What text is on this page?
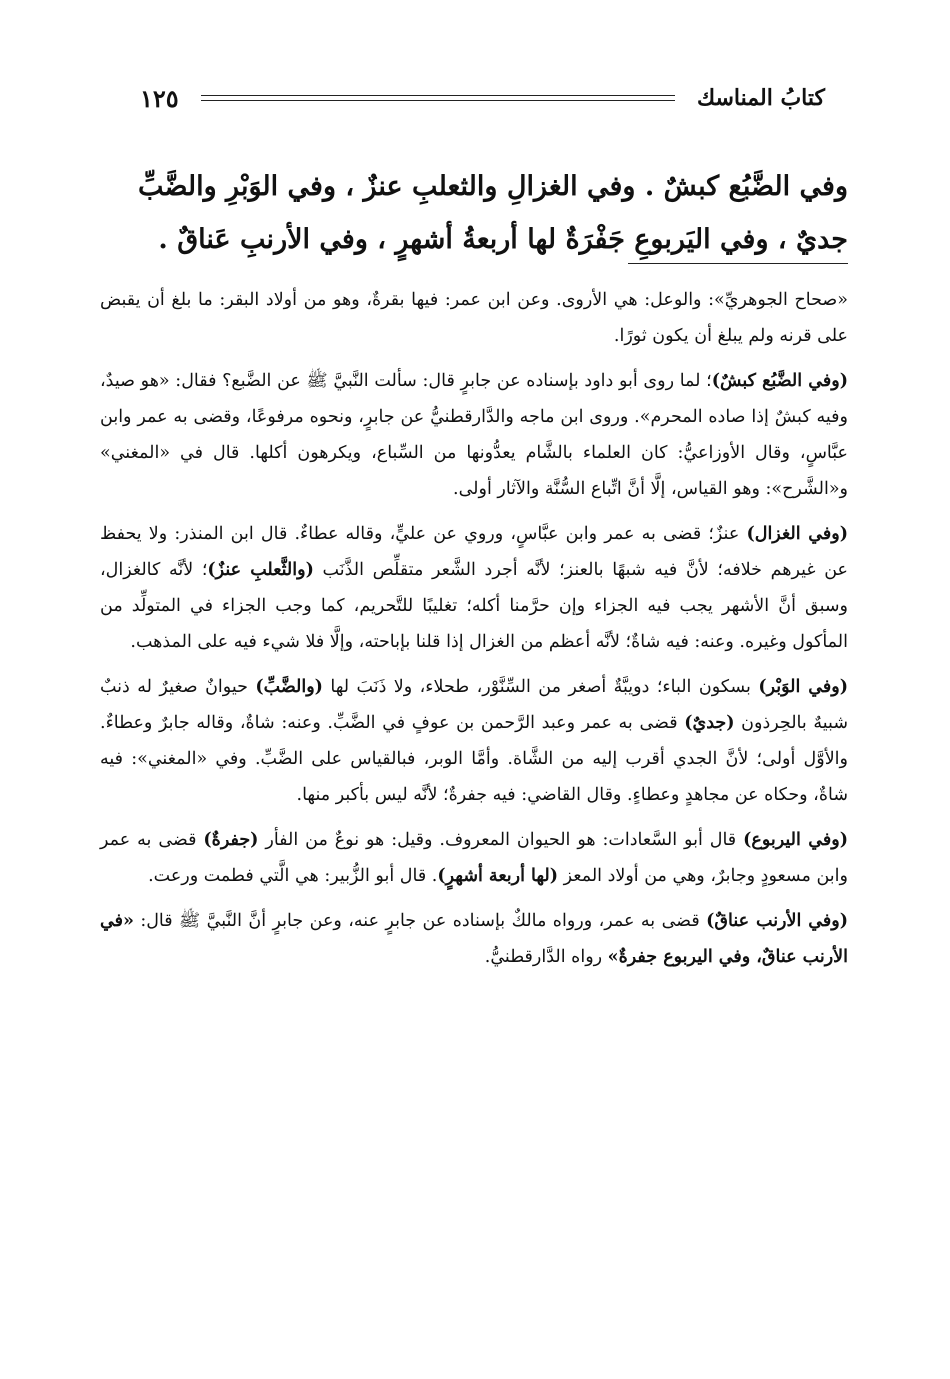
كتابُ المناسك
١٢٥

وفي الضَّبُع كبشٌ . وفي الغزالِ والثعلبِ عنزٌ ، وفي الوَبْرِ والضَّبِّ

جديٌ ، وفي اليَربوعِ جَفْرَةٌ لها أربعةُ أشهرٍ ، وفي الأرنبِ عَناقٌ .

«صحاح الجوهريِّ»: والوعل: هي الأروى. وعن ابن عمر: فيها بقرةٌ، وهو من أولاد البقر: ما بلغ أن يقبض على قرنه ولم يبلغ أن يكون ثورًا.

(وفي الضَّبُع كبشٌ)؛ لما روى أبو داود بإسناده عن جابرٍ قال: سألت النَّبيَّ ﷺ عن الضَّبع؟ فقال: «هو صيدٌ، وفيه كبشٌ إذا صاده المحرم». وروى ابن ماجه والدَّارقطنيُّ عن جابرٍ، ونحوه مرفوعًا، وقضى به عمر وابن عبَّاسٍ، وقال الأوزاعيُّ: كان العلماء بالشَّام يعدُّونها من السِّباع، ويكرهون أكلها. قال في «المغني» و«الشَّرح»: وهو القياس، إلَّا أنَّ اتِّباع السُّنَّة والآثار أولى.

(وفي الغزال) عنزٌ؛ قضى به عمر وابن عبَّاسٍ، وروي عن عليٍّ، وقاله عطاءٌ. قال ابن المنذر: ولا يحفظ عن غيرهم خلافه؛ لأنَّ فيه شبهًا بالعنز؛ لأنَّه أجرد الشَّعر متقلِّص الذَّنَب (والثَّعلبِ عنزٌ)؛ لأنَّه كالغزال، وسبق أنَّ الأشهر يجب فيه الجزاء وإن حرَّمنا أكله؛ تغليبًا للتَّحريم، كما وجب الجزاء في المتولِّد من المأكول وغيره. وعنه: فيه شاةٌ؛ لأنَّه أعظم من الغزال إذا قلنا بإباحته، وإلَّا فلا شيء فيه على المذهب.

(وفي الوَبْر) بسكون الباء؛ دويبَّةٌ أصغر من السِّنَّوْر، طحلاء، ولا ذَنَبَ لها (والضَّبِّ) حيوانٌ صغيرٌ له ذنبٌ شبيهٌ بالحِرذون (جديٌ) قضى به عمر وعبد الرَّحمن بن عوفٍ في الضَّبِّ. وعنه: شاةٌ، وقاله جابرٌ وعطاءٌ. والأوَّل أولى؛ لأنَّ الجدي أقرب إليه من الشَّاة. وأمَّا الوبر، فبالقياس على الضَّبِّ. وفي «المغني»: فيه شاةٌ، وحكاه عن مجاهدٍ وعطاءٍ. وقال القاضي: فيه جفرةٌ؛ لأنَّه ليس بأكبر منها.

(وفي اليربوع) قال أبو السَّعادات: هو الحيوان المعروف. وقيل: هو نوعٌ من الفأر (جفرةٌ) قضى به عمر وابن مسعودٍ وجابرٌ، وهي من أولاد المعز (لها أربعة أشهرٍ). قال أبو الزُّبير: هي الَّتي فطمت ورعت.

(وفي الأرنب عناقٌ) قضى به عمر، ورواه مالكٌ بإسناده عن جابرٍ عنه، وعن جابرٍ أنَّ النَّبيَّ ﷺ قال: «في الأرنب عناقٌ، وفي اليربوع جفرةٌ» رواه الدَّارقطنيُّ.
